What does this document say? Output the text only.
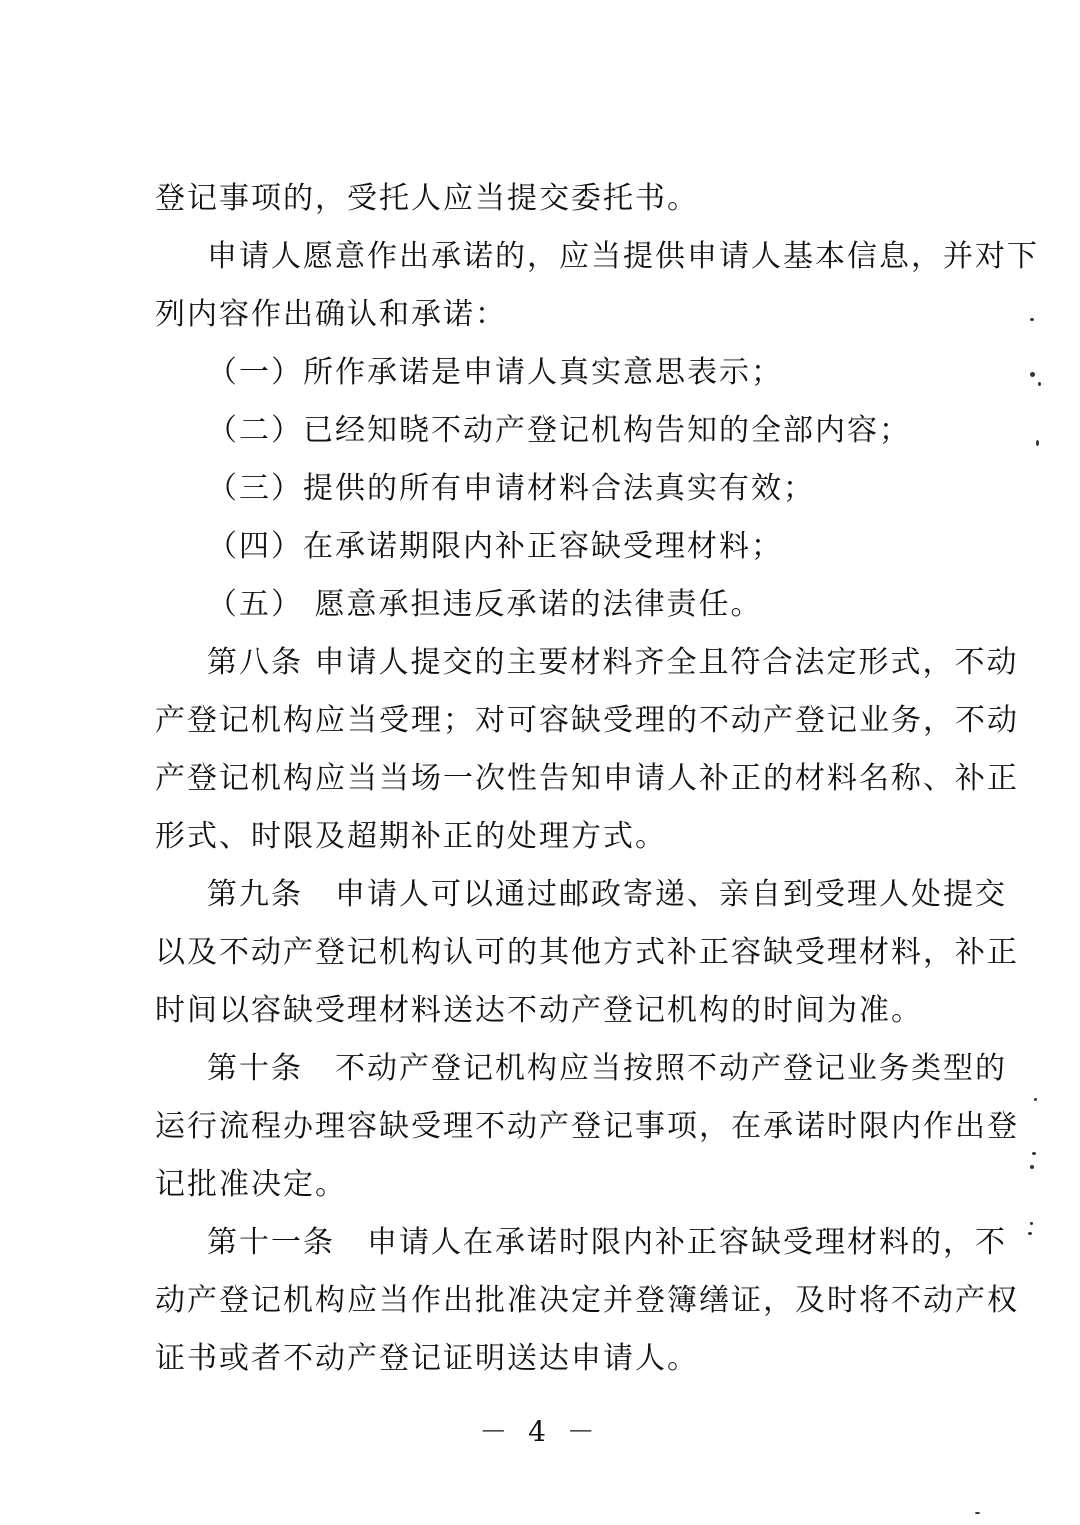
登记事项的，受托人应当提交委托书。
申请人愿意作出承诺的，应当提供申请人基本信息，并对下
列内容作出确认和承诺：
（一）所作承诺是申请人真实意思表示；
（二）已经知晓不动产登记机构告知的全部内容；
（三）提供的所有申请材料合法真实有效；
（四）在承诺期限内补正容缺受理材料；
（五） 愿意承担违反承诺的法律责任。
第八条 申请人提交的主要材料齐全且符合法定形式，不动
产登记机构应当受理；对可容缺受理的不动产登记业务，不动
产登记机构应当当场一次性告知申请人补正的材料名称、补正
形式、时限及超期补正的处理方式。
第九条　申请人可以通过邮政寄递、亲自到受理人处提交
以及不动产登记机构认可的其他方式补正容缺受理材料，补正
时间以容缺受理材料送达不动产登记机构的时间为准。
第十条　不动产登记机构应当按照不动产登记业务类型的
运行流程办理容缺受理不动产登记事项，在承诺时限内作出登
记批准决定。
第十一条　申请人在承诺时限内补正容缺受理材料的，不
动产登记机构应当作出批准决定并登簿缮证，及时将不动产权
证书或者不动产登记证明送达申请人。
－ 4 －
